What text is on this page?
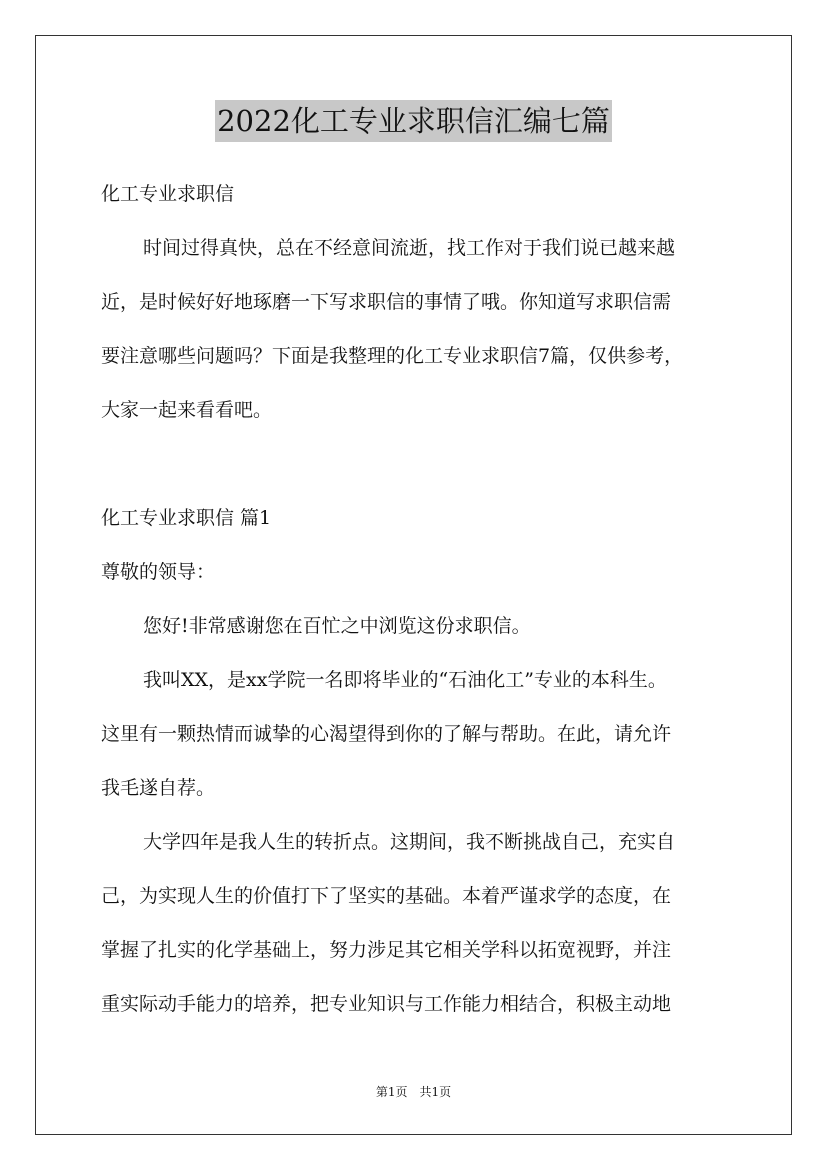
2022化工专业求职信汇编七篇
化工专业求职信
时间过得真快，总在不经意间流逝，找工作对于我们说已越来越
近，是时候好好地琢磨一下写求职信的事情了哦。你知道写求职信需
要注意哪些问题吗？下面是我整理的化工专业求职信7篇，仅供参考，
大家一起来看看吧。
化工专业求职信 篇1
尊敬的领导：
您好!非常感谢您在百忙之中浏览这份求职信。
我叫XX，是xx学院一名即将毕业的“石油化工”专业的本科生。
这里有一颗热情而诚挚的心渴望得到你的了解与帮助。在此，请允许
我毛遂自荐。
大学四年是我人生的转折点。这期间，我不断挑战自己，充实自
己，为实现人生的价值打下了坚实的基础。本着严谨求学的态度，在
掌握了扎实的化学基础上，努力涉足其它相关学科以拓宽视野，并注
重实际动手能力的培养，把专业知识与工作能力相结合，积极主动地
第1页　共1页
